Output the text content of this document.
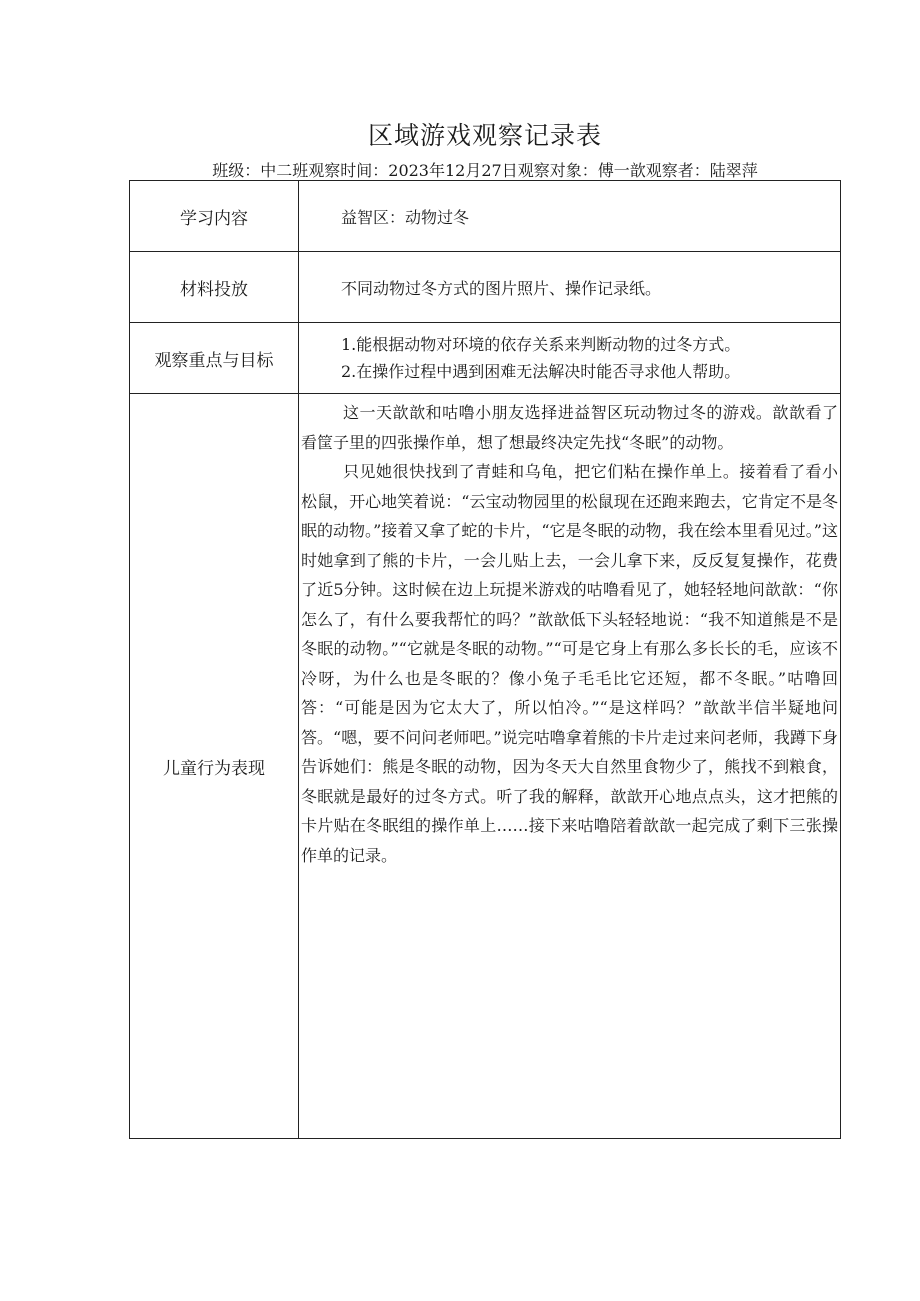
区域游戏观察记录表
班级：中二班观察时间：2023年12月27日观察对象：傅一歆观察者：陆翠萍
学习内容	益智区：动物过冬
材料投放	不同动物过冬方式的图片照片、操作记录纸。
观察重点与目标	1.能根据动物对环境的依存关系来判断动物的过冬方式。
2.在操作过程中遇到困难无法解决时能否寻求他人帮助。

儿童行为表现	这一天歆歆和咕噜小朋友选择进益智区玩动物过冬的游戏。歆歆看了看筐子里的四张操作单，想了想最终决定先找“冬眠”的动物。

只见她很快找到了青蛙和乌龟，把它们粘在操作单上。接着看了看小松鼠，开心地笑着说：“云宝动物园里的松鼠现在还跑来跑去，它肯定不是冬眠的动物。”接着又拿了蛇的卡片，“它是冬眠的动物，我在绘本里看见过。”这时她拿到了熊的卡片，一会儿贴上去，一会儿拿下来，反反复复操作，花费了近5分钟。这时候在边上玩提米游戏的咕噜看见了，她轻轻地问歆歆：“你怎么了，有什么要我帮忙的吗？”歆歆低下头轻轻地说：“我不知道熊是不是冬眠的动物。”“它就是冬眠的动物。”“可是它身上有那么多长长的毛，应该不冷呀，为什么也是冬眠的？像小兔子毛毛比它还短，都不冬眠。”咕噜回答：“可能是因为它太大了，所以怕冷。”“是这样吗？”歆歆半信半疑地问答。“嗯，要不问问老师吧。”说完咕噜拿着熊的卡片走过来问老师，我蹲下身告诉她们：熊是冬眠的动物，因为冬天大自然里食物少了，熊找不到粮食，冬眠就是最好的过冬方式。听了我的解释，歆歆开心地点点头，这才把熊的卡片贴在冬眠组的操作单上……接下来咕噜陪着歆歆一起完成了剩下三张操作单的记录。
